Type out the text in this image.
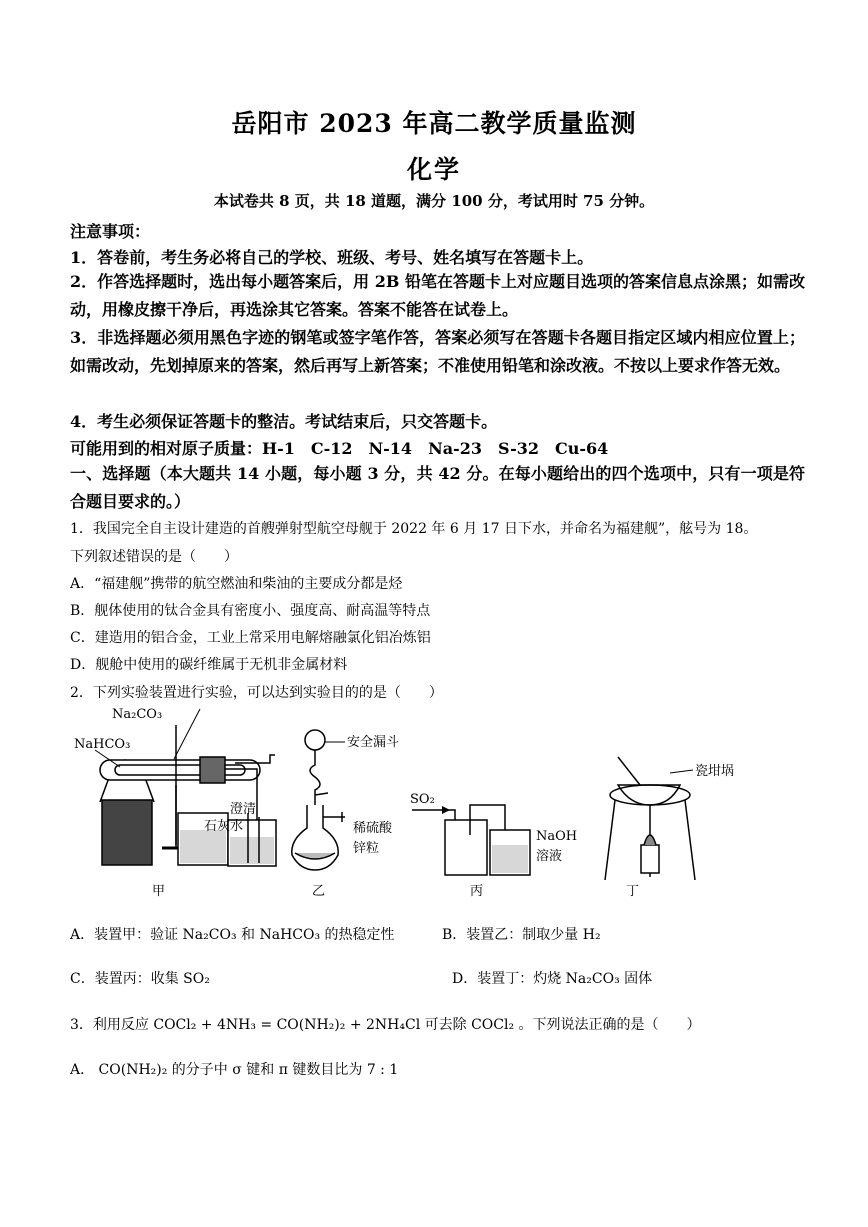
岳阳市 2023 年高二教学质量监测
化学
本试卷共 8 页，共 18 道题，满分 100 分，考试用时 75 分钟。
注意事项：
1．答卷前，考生务必将自己的学校、班级、考号、姓名填写在答题卡上。
2．作答选择题时，选出每小题答案后，用 2B 铅笔在答题卡上对应题目选项的答案信息点涂黑；如需改动，用橡皮擦干净后，再选涂其它答案。答案不能答在试卷上。
3．非选择题必须用黑色字迹的钢笔或签字笔作答，答案必须写在答题卡各题目指定区域内相应位置上；如需改动，先划掉原来的答案，然后再写上新答案；不准使用铅笔和涂改液。不按以上要求作答无效。
4．考生必须保证答题卡的整洁。考试结束后，只交答题卡。
可能用到的相对原子质量：H-1　C-12　N-14　Na-23　S-32　Cu-64
一、选择题（本大题共 14 小题，每小题 3 分，共 42 分。在每小题给出的四个选项中，只有一项是符合题目要求的。）
1．我国完全自主设计建造的首艘弹射型航空母舰于 2022 年 6 月 17 日下水，并命名为福建舰”，舷号为 18。
下列叙述错误的是（　　）
A．“福建舰”携带的航空燃油和柴油的主要成分都是烃
B．舰体使用的钛合金具有密度小、强度高、耐高温等特点
C．建造用的铝合金，工业上常采用电解熔融氯化铝冶炼铝
D．舰舱中使用的碳纤维属于无机非金属材料
2．下列实验装置进行实验，可以达到实验目的的是（　　）
Na₂CO₃
NaHCO₃
澄清
石灰水
甲
安全漏斗
稀硫酸
锌粒
乙
SO₂
NaOH
溶液
丙
瓷坩埚
丁
A．装置甲：验证 Na₂CO₃ 和 NaHCO₃ 的热稳定性	B．装置乙：制取少量 H₂
C．装置丙：收集 SO₂	D．装置丁：灼烧 Na₂CO₃ 固体
3．利用反应 COCl₂ + 4NH₃ = CO(NH₂)₂ + 2NH₄Cl 可去除 COCl₂ 。下列说法正确的是（　　）
A． CO(NH₂)₂ 的分子中 σ 键和 π 键数目比为 7 : 1
